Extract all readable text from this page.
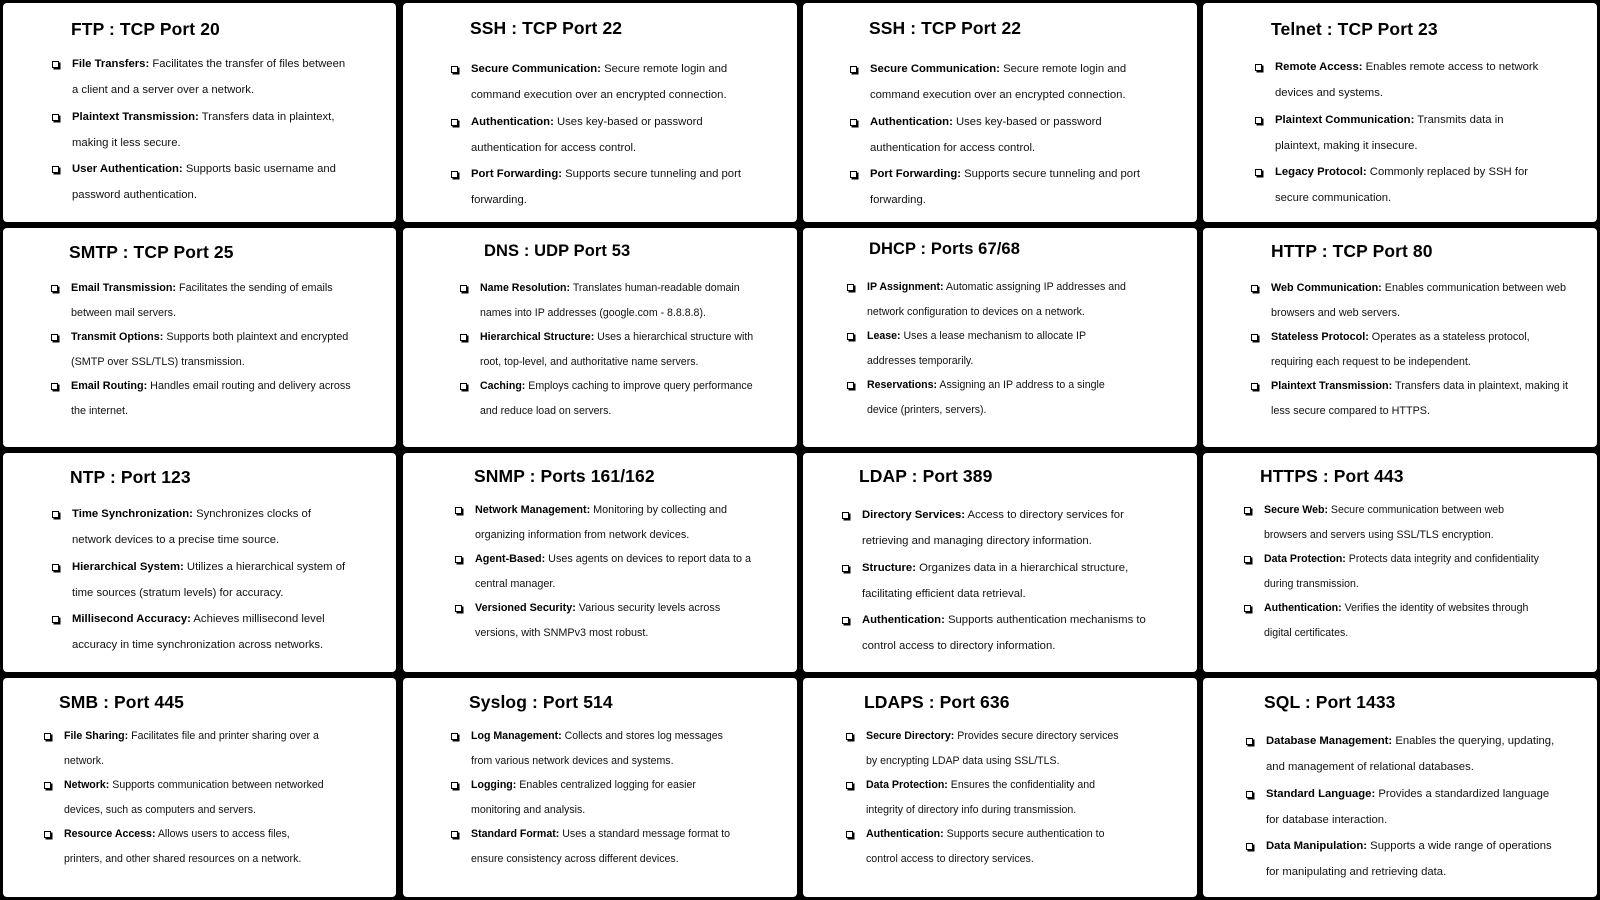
FTP : TCP Port 20
File Transfers: Facilitates the transfer of files between a client and a server over a network.
Plaintext Transmission: Transfers data in plaintext, making it less secure.
User Authentication: Supports basic username and password authentication.
SSH : TCP Port 22
Secure Communication: Secure remote login and command execution over an encrypted connection.
Authentication: Uses key-based or password authentication for access control.
Port Forwarding: Supports secure tunneling and port forwarding.
SSH : TCP Port 22
Secure Communication: Secure remote login and command execution over an encrypted connection.
Authentication: Uses key-based or password authentication for access control.
Port Forwarding: Supports secure tunneling and port forwarding.
Telnet : TCP Port 23
Remote Access: Enables remote access to network devices and systems.
Plaintext Communication: Transmits data in plaintext, making it insecure.
Legacy Protocol: Commonly replaced by SSH for secure communication.
SMTP : TCP Port 25
Email Transmission: Facilitates the sending of emails between mail servers.
Transmit Options: Supports both plaintext and encrypted (SMTP over SSL/TLS) transmission.
Email Routing: Handles email routing and delivery across the internet.
DNS : UDP Port 53
Name Resolution: Translates human-readable domain names into IP addresses (google.com - 8.8.8.8).
Hierarchical Structure: Uses a hierarchical structure with root, top-level, and authoritative name servers.
Caching: Employs caching to improve query performance and reduce load on servers.
DHCP : Ports 67/68
IP Assignment: Automatic assigning IP addresses and network configuration to devices on a network.
Lease: Uses a lease mechanism to allocate IP addresses temporarily.
Reservations: Assigning an IP address to a single device (printers, servers).
HTTP : TCP Port 80
Web Communication: Enables communication between web browsers and web servers.
Stateless Protocol: Operates as a stateless protocol, requiring each request to be independent.
Plaintext Transmission: Transfers data in plaintext, making it less secure compared to HTTPS.
NTP : Port 123
Time Synchronization: Synchronizes clocks of network devices to a precise time source.
Hierarchical System: Utilizes a hierarchical system of time sources (stratum levels) for accuracy.
Millisecond Accuracy: Achieves millisecond level accuracy in time synchronization across networks.
SNMP : Ports 161/162
Network Management: Monitoring by collecting and organizing information from network devices.
Agent-Based: Uses agents on devices to report data to a central manager.
Versioned Security: Various security levels across versions, with SNMPv3 most robust.
LDAP : Port 389
Directory Services: Access to directory services for retrieving and managing directory information.
Structure: Organizes data in a hierarchical structure, facilitating efficient data retrieval.
Authentication: Supports authentication mechanisms to control access to directory information.
HTTPS : Port 443
Secure Web: Secure communication between web browsers and servers using SSL/TLS encryption.
Data Protection: Protects data integrity and confidentiality during transmission.
Authentication: Verifies the identity of websites through digital certificates.
SMB : Port 445
File Sharing: Facilitates file and printer sharing over a network.
Network: Supports communication between networked devices, such as computers and servers.
Resource Access: Allows users to access files, printers, and other shared resources on a network.
Syslog : Port 514
Log Management: Collects and stores log messages from various network devices and systems.
Logging: Enables centralized logging for easier monitoring and analysis.
Standard Format: Uses a standard message format to ensure consistency across different devices.
LDAPS : Port 636
Secure Directory: Provides secure directory services by encrypting LDAP data using SSL/TLS.
Data Protection: Ensures the confidentiality and integrity of directory info during transmission.
Authentication: Supports secure authentication to control access to directory services.
SQL : Port 1433
Database Management: Enables the querying, updating, and management of relational databases.
Standard Language: Provides a standardized language for database interaction.
Data Manipulation: Supports a wide range of operations for manipulating and retrieving data.
